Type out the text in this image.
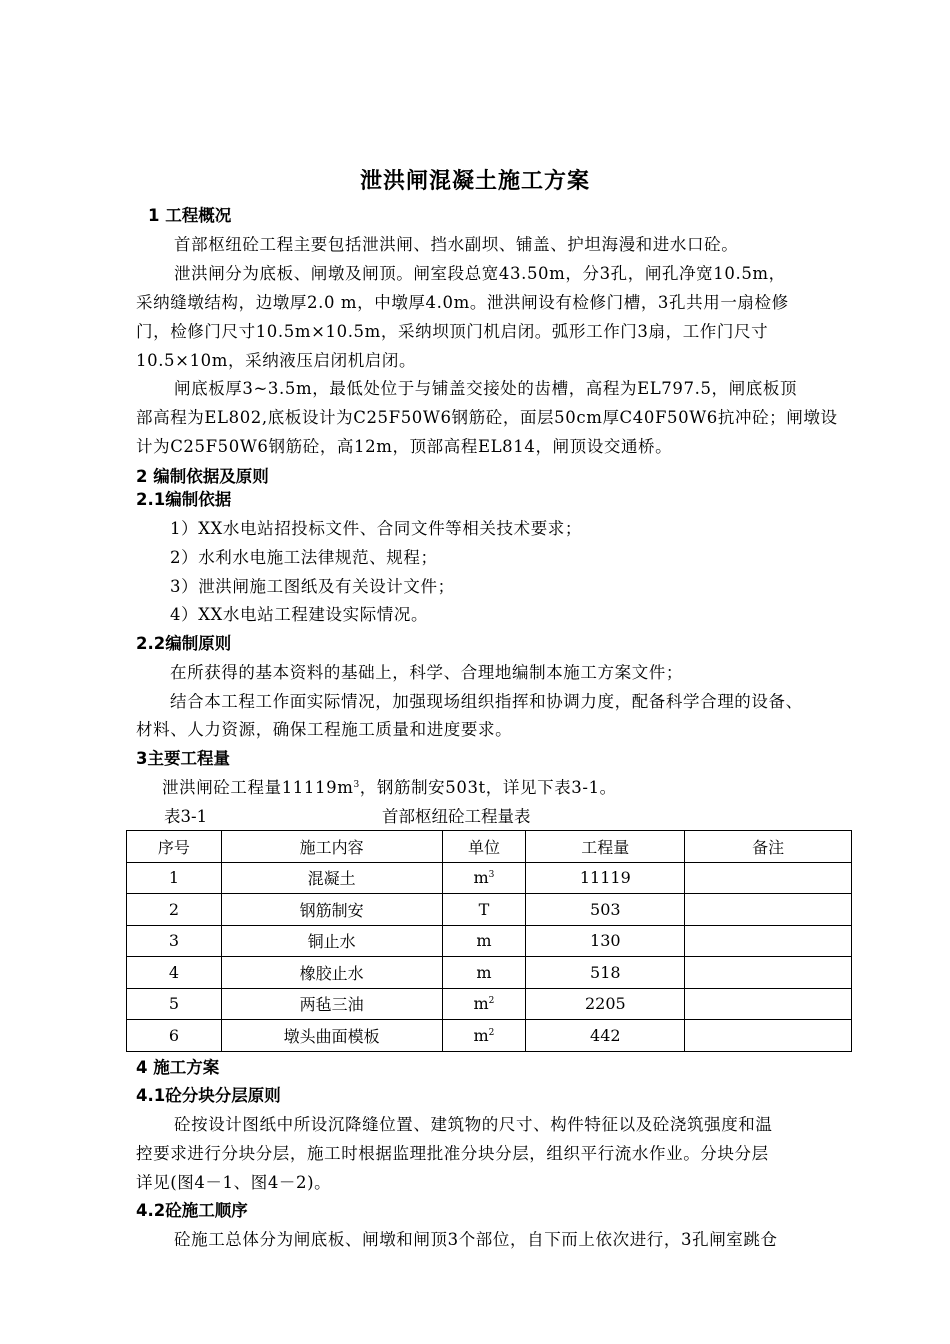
泄洪闸混凝土施工方案
1 工程概况
首部枢纽砼工程主要包括泄洪闸、挡水副坝、铺盖、护坦海漫和进水口砼。
泄洪闸分为底板、闸墩及闸顶。闸室段总宽43.50m，分3孔，闸孔净宽10.5m，
采纳缝墩结构，边墩厚2.0 m，中墩厚4.0m。泄洪闸设有检修门槽，3孔共用一扇检修
门，检修门尺寸10.5m×10.5m，采纳坝顶门机启闭。弧形工作门3扇，工作门尺寸
10.5×10m，采纳液压启闭机启闭。
闸底板厚3~3.5m，最低处位于与铺盖交接处的齿槽，高程为EL797.5，闸底板顶
部高程为EL802,底板设计为C25F50W6钢筋砼，面层50cm厚C40F50W6抗冲砼；闸墩设
计为C25F50W6钢筋砼，高12m，顶部高程EL814，闸顶设交通桥。
2 编制依据及原则
2.1编制依据
1）XX水电站招投标文件、合同文件等相关技术要求；
2）水利水电施工法律规范、规程；
3）泄洪闸施工图纸及有关设计文件；
4）XX水电站工程建设实际情况。
2.2编制原则
在所获得的基本资料的基础上，科学、合理地编制本施工方案文件；
结合本工程工作面实际情况，加强现场组织指挥和协调力度，配备科学合理的设备、
材料、人力资源，确保工程施工质量和进度要求。
3主要工程量
泄洪闸砼工程量$11119m^3$，钢筋制安503t，详见下表3-1。
表3-1	首部枢纽砼工程量表
序号	施工内容	单位	工程量	备注
1	混凝土	$m^3$	11119	
2	钢筋制安	T	503	
3	铜止水	m	130	
4	橡胶止水	m	518	
5	两毡三油	$m^2$	2205	
6	墩头曲面模板	$m^2$	442	
4 施工方案
4.1砼分块分层原则
砼按设计图纸中所设沉降缝位置、建筑物的尺寸、构件特征以及砼浇筑强度和温
控要求进行分块分层，施工时根据监理批准分块分层，组织平行流水作业。分块分层
详见(图4－1、图4－2)。
4.2砼施工顺序
砼施工总体分为闸底板、闸墩和闸顶3个部位，自下而上依次进行，3孔闸室跳仓
